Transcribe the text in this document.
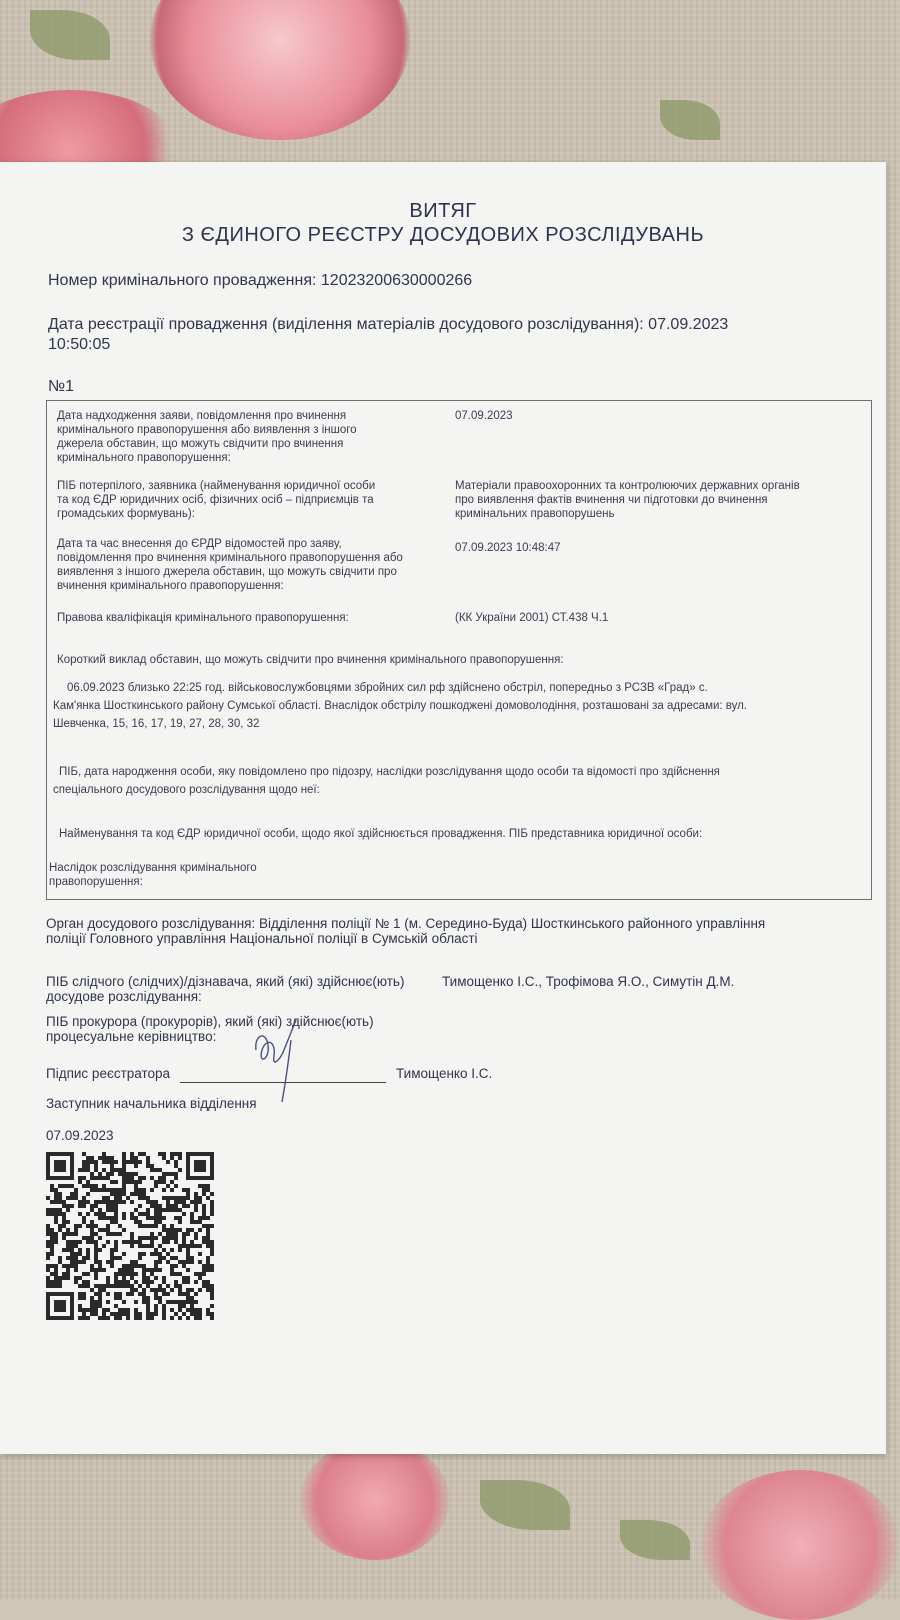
ВИТЯГ
З ЄДИНОГО РЕЄСТРУ ДОСУДОВИХ РОЗСЛІДУВАНЬ
Номер кримінального провадження: 12023200630000266
Дата реєстрації провадження (виділення матеріалів досудового розслідування): 07.09.2023
10:50:05
№1
Дата надходження заяви, повідомлення про вчинення
кримінального правопорушення або виявлення з іншого
джерела обставин, що можуть свідчити про вчинення
кримінального правопорушення:
07.09.2023
ПІБ потерпілого, заявника (найменування юридичної особи
та код ЄДР юридичних осіб, фізичних осіб – підприємців та
громадських формувань):
Матеріали правоохоронних та контролюючих державних органів
про виявлення фактів вчинення чи підготовки до вчинення
кримінальних правопорушень
Дата та час внесення до ЄРДР відомостей про заяву,
повідомлення про вчинення кримінального правопорушення або
виявлення з іншого джерела обставин, що можуть свідчити про
вчинення кримінального правопорушення:
07.09.2023 10:48:47
Правова кваліфікація кримінального правопорушення:	(КК України 2001) СТ.438 Ч.1
Короткий виклад обставин, що можуть свідчити про вчинення кримінального правопорушення:
06.09.2023 близько 22:25 год. військовослужбовцями збройних сил рф здійснено обстріл, попередньо з РСЗВ «Град» с.
Кам'янка Шосткинського району Сумської області. Внаслідок обстрілу пошкоджені домоволодіння, розташовані за адресами: вул.
Шевченка, 15, 16, 17, 19, 27, 28, 30, 32
ПІБ, дата народження особи, яку повідомлено про підозру, наслідки розслідування щодо особи та відомості про здійснення
спеціального досудового розслідування щодо неї:
Найменування та код ЄДР юридичної особи, щодо якої здійснюється провадження. ПІБ представника юридичної особи:
Наслідок розслідування кримінального
правопорушення:
Орган досудового розслідування: Відділення поліції № 1 (м. Середино-Буда) Шосткинського районного управління
поліції Головного управління Національної поліції в Сумській області
ПІБ слідчого (слідчих)/дізнавача, який (які) здійснює(ють)
досудове розслідування:
Тимощенко І.С., Трофімова Я.О., Симутін Д.М.
ПІБ прокурора (прокурорів), який (які) здійснює(ють)
процесуальне керівництво:
Підпис реєстратора	Тимощенко І.С.
Заступник начальника відділення
07.09.2023
